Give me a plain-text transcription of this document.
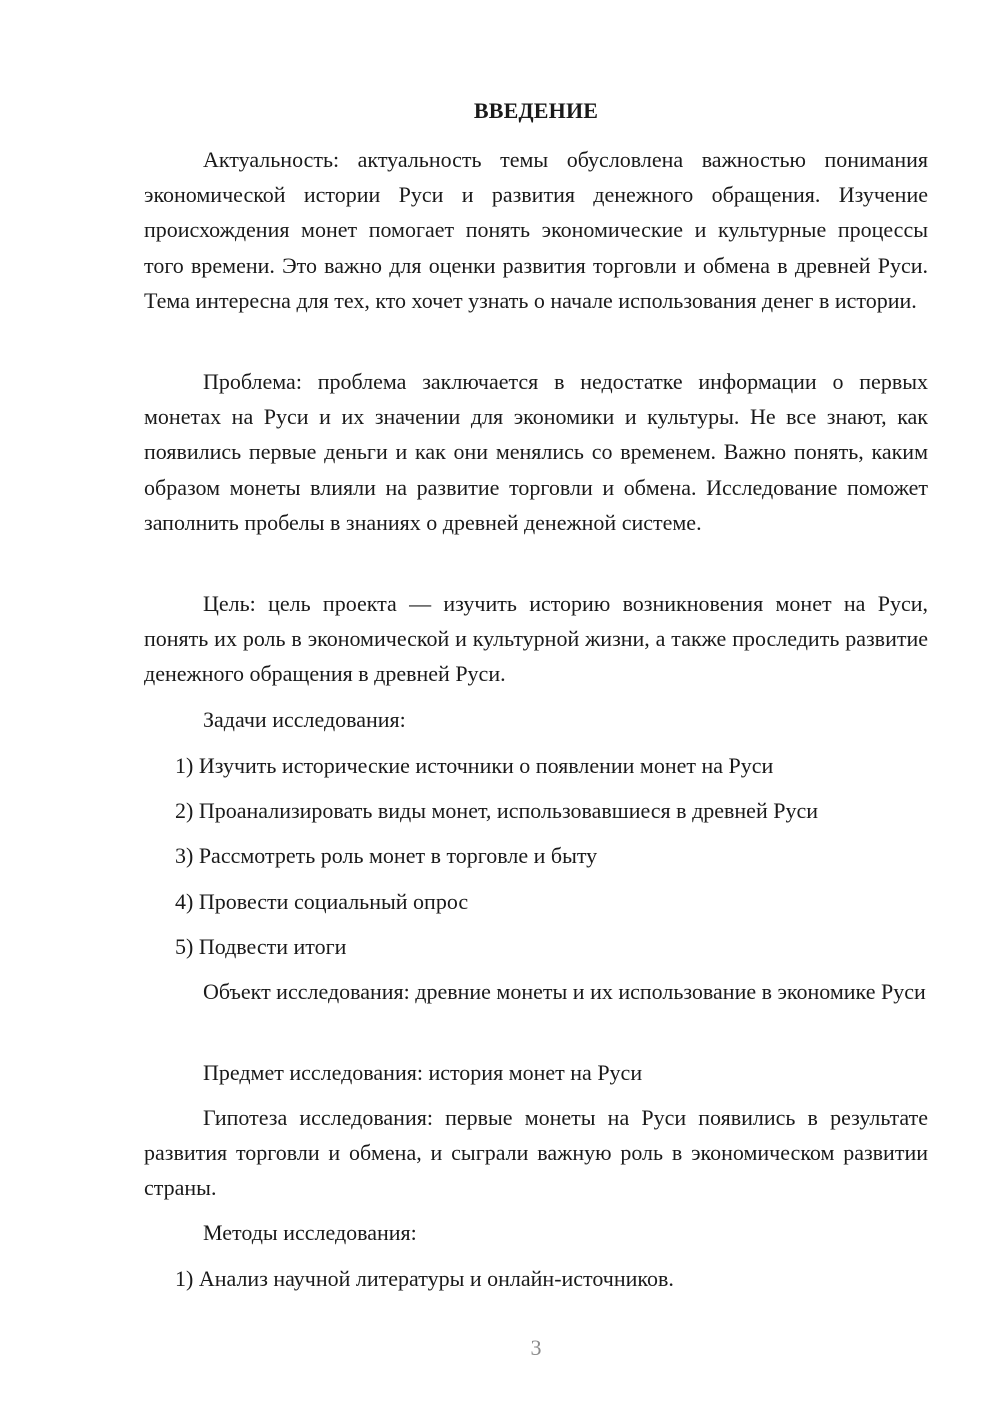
ВВЕДЕНИЕ

Актуальность: актуальность темы обусловлена важностью понимания экономической истории Руси и развития денежного обращения. Изучение происхождения монет помогает понять экономические и культурные процессы того времени. Это важно для оценки развития торговли и обмена в древней Руси. Тема интересна для тех, кто хочет узнать о начале использования денег в истории.

Проблема: проблема заключается в недостатке информации о первых монетах на Руси и их значении для экономики и культуры. Не все знают, как появились первые деньги и как они менялись со временем. Важно понять, каким образом монеты влияли на развитие торговли и обмена. Исследование поможет заполнить пробелы в знаниях о древней денежной системе.

Цель: цель проекта — изучить историю возникновения монет на Руси, понять их роль в экономической и культурной жизни, а также проследить развитие денежного обращения в древней Руси.

Задачи исследования:

1) Изучить исторические источники о появлении монет на Руси

2) Проанализировать виды монет, использовавшиеся в древней Руси

3) Рассмотреть роль монет в торговле и быту

4) Провести социальный опрос

5) Подвести итоги

Объект исследования: древние монеты и их использование в экономике Руси

Предмет исследования: история монет на Руси

Гипотеза исследования: первые монеты на Руси появились в результате развития торговли и обмена, и сыграли важную роль в экономическом развитии страны.

Методы исследования:

1) Анализ научной литературы и онлайн-источников.

3
